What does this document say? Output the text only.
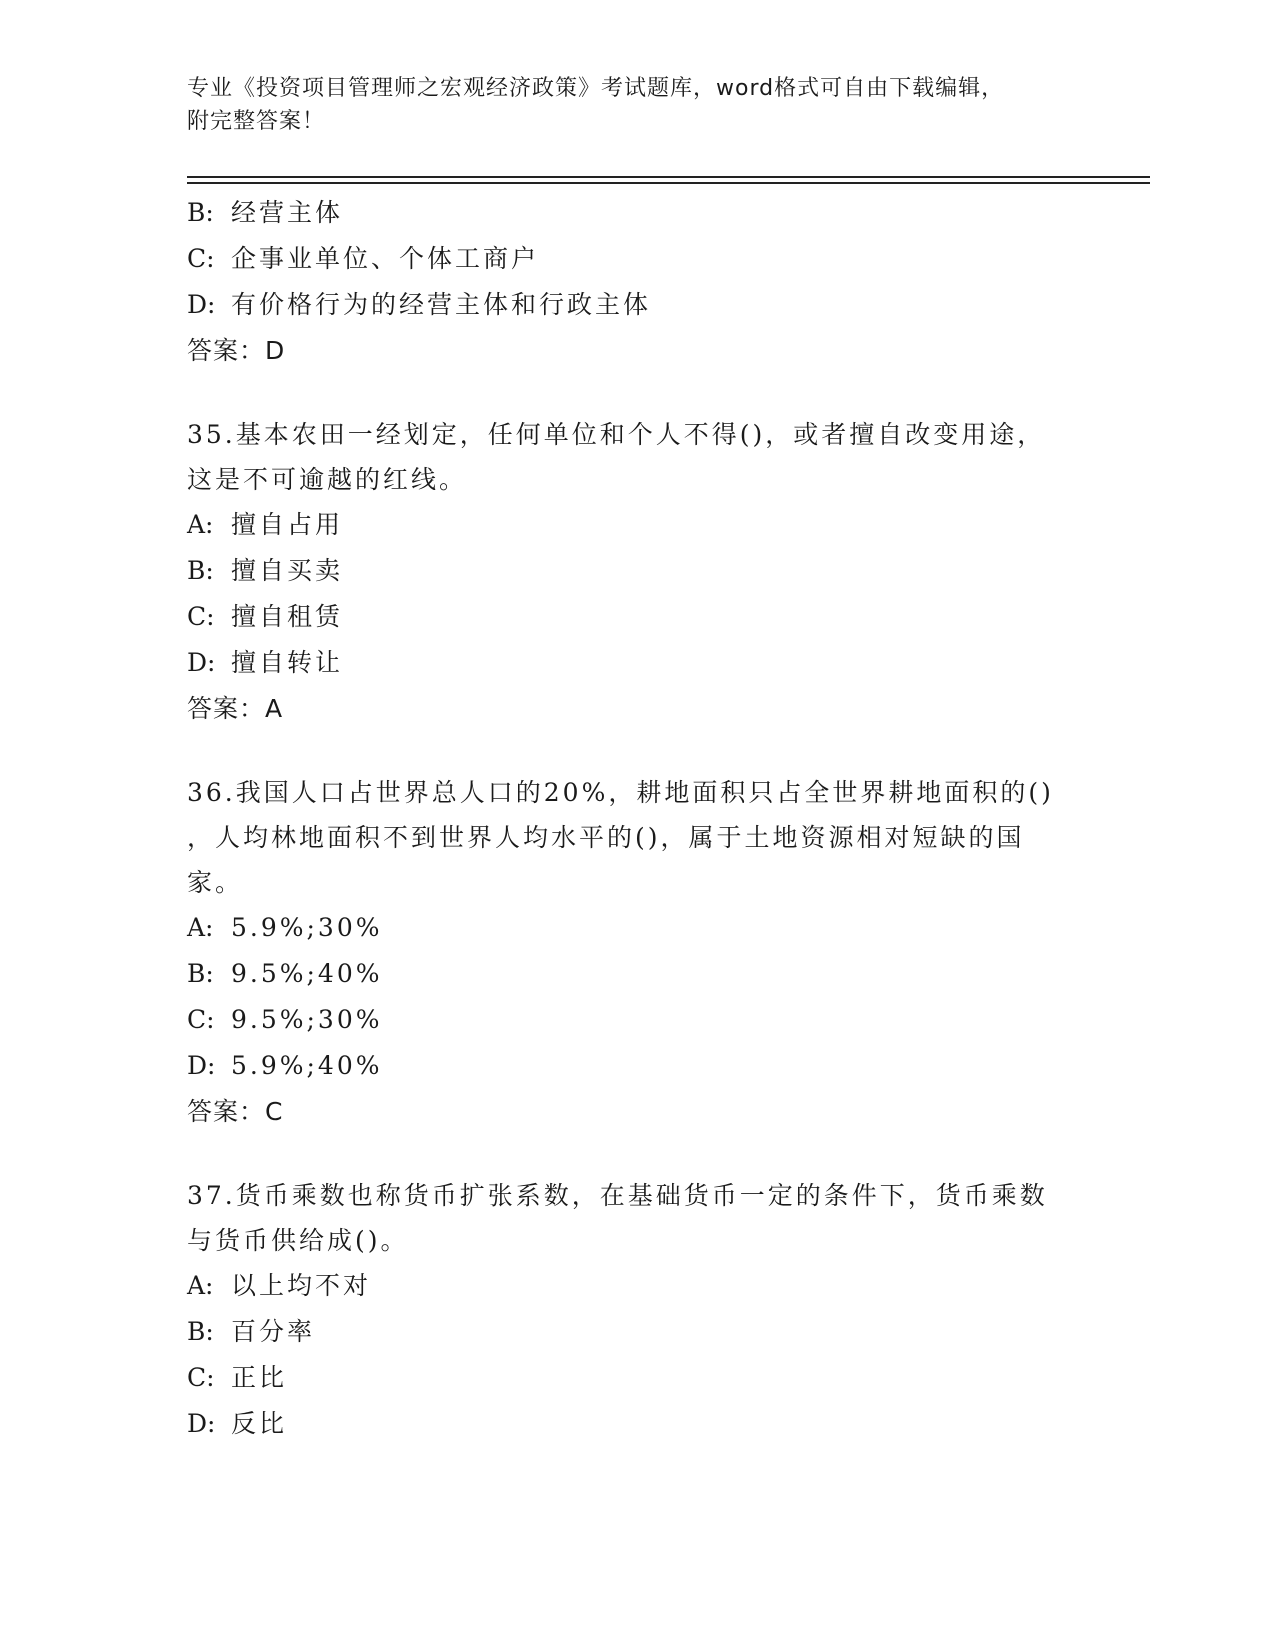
专业《投资项目管理师之宏观经济政策》考试题库，word格式可自由下载编辑，
附完整答案！
B: 经营主体
C: 企事业单位、个体工商户
D: 有价格行为的经营主体和行政主体
答案：D
35.基本农田一经划定，任何单位和个人不得()，或者擅自改变用途，
这是不可逾越的红线。
A: 擅自占用
B: 擅自买卖
C: 擅自租赁
D: 擅自转让
答案：A
36.我国人口占世界总人口的20%，耕地面积只占全世界耕地面积的()
，人均林地面积不到世界人均水平的()，属于土地资源相对短缺的国
家。
A: 5.9%;30%
B: 9.5%;40%
C: 9.5%;30%
D: 5.9%;40%
答案：C
37.货币乘数也称货币扩张系数，在基础货币一定的条件下，货币乘数
与货币供给成()。
A: 以上均不对
B: 百分率
C: 正比
D: 反比
